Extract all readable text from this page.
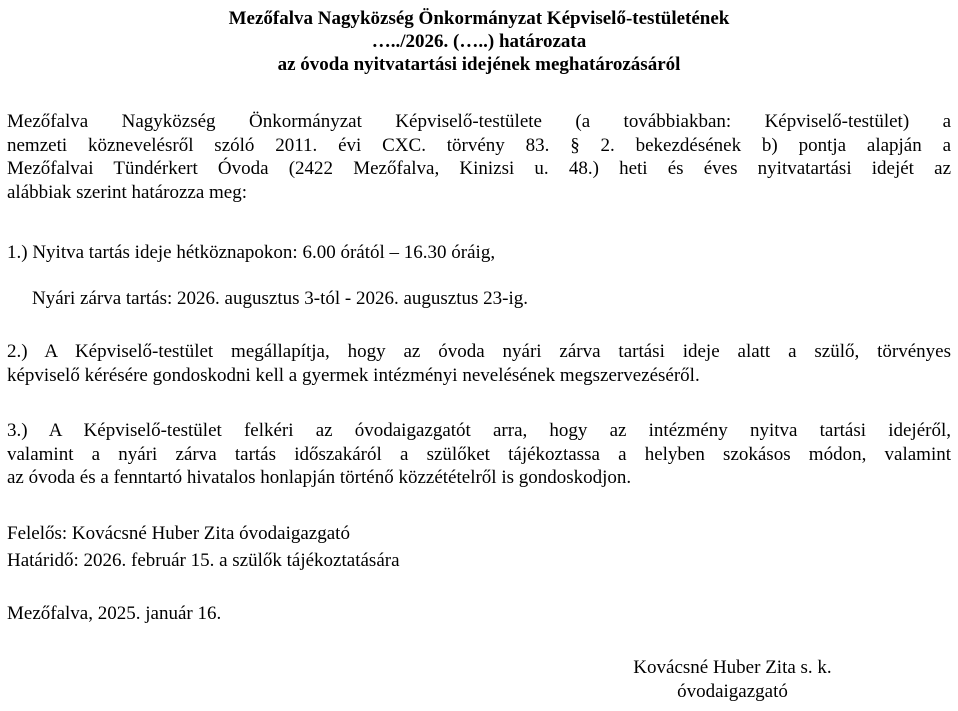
Mezőfalva Nagyközség Önkormányzat Képviselő-testületének
…../2026. (…..) határozata
az óvoda nyitvatartási idejének meghatározásáról
Mezőfalva Nagyközség Önkormányzat Képviselő-testülete (a továbbiakban: Képviselő-testület) a
nemzeti köznevelésről szóló 2011. évi CXC. törvény 83. § 2. bekezdésének b) pontja alapján a
Mezőfalvai Tündérkert Óvoda (2422 Mezőfalva, Kinizsi u. 48.) heti és éves nyitvatartási idejét az
alábbiak szerint határozza meg:
1.) Nyitva tartás ideje hétköznapokon: 6.00 órától – 16.30 óráig,
Nyári zárva tartás: 2026. augusztus 3-tól - 2026. augusztus 23-ig.
2.) A Képviselő-testület megállapítja, hogy az óvoda nyári zárva tartási ideje alatt a szülő, törvényes
képviselő kérésére gondoskodni kell a gyermek intézményi nevelésének megszervezéséről.
3.) A Képviselő-testület felkéri az óvodaigazgatót arra, hogy az intézmény nyitva tartási idejéről,
valamint a nyári zárva tartás időszakáról a szülőket tájékoztassa a helyben szokásos módon, valamint
az óvoda és a fenntartó hivatalos honlapján történő közzétételről is gondoskodjon.
Felelős: Kovácsné Huber Zita óvodaigazgató
Határidő: 2026. február 15. a szülők tájékoztatására
Mezőfalva, 2025. január 16.
Kovácsné Huber Zita s. k.
óvodaigazgató
